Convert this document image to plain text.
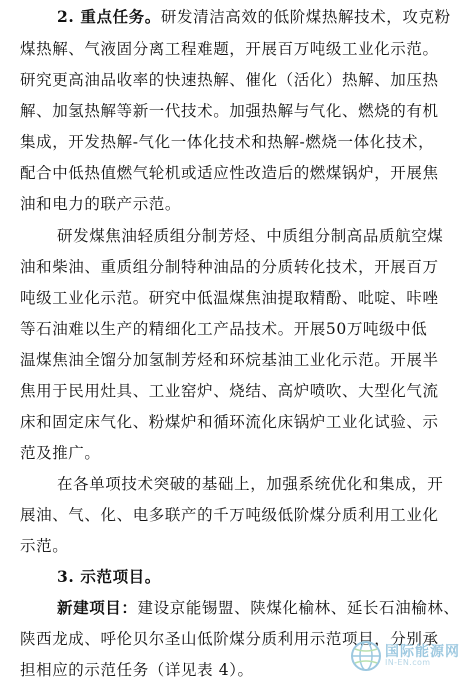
2. 重点任务。研发清洁高效的低阶煤热解技术，攻克粉
煤热解、气液固分离工程难题，开展百万吨级工业化示范。
研究更高油品收率的快速热解、催化（活化）热解、加压热
解、加氢热解等新一代技术。加强热解与气化、燃烧的有机
集成，开发热解-气化一体化技术和热解-燃烧一体化技术，
配合中低热值燃气轮机或适应性改造后的燃煤锅炉，开展焦
油和电力的联产示范。
研发煤焦油轻质组分制芳烃、中质组分制高品质航空煤
油和柴油、重质组分制特种油品的分质转化技术，开展百万
吨级工业化示范。研究中低温煤焦油提取精酚、吡啶、咔唑
等石油难以生产的精细化工产品技术。开展50万吨级中低
温煤焦油全馏分加氢制芳烃和环烷基油工业化示范。开展半
焦用于民用灶具、工业窑炉、烧结、高炉喷吹、大型化气流
床和固定床气化、粉煤炉和循环流化床锅炉工业化试验、示
范及推广。
在各单项技术突破的基础上，加强系统优化和集成，开
展油、气、化、电多联产的千万吨级低阶煤分质利用工业化
示范。
3. 示范项目。
新建项目：建设京能锡盟、陕煤化榆林、延长石油榆林、
陕西龙成、呼伦贝尔圣山低阶煤分质利用示范项目，分别承
担相应的示范任务（详见表 4）。
国际能源网
IN-EN.com
